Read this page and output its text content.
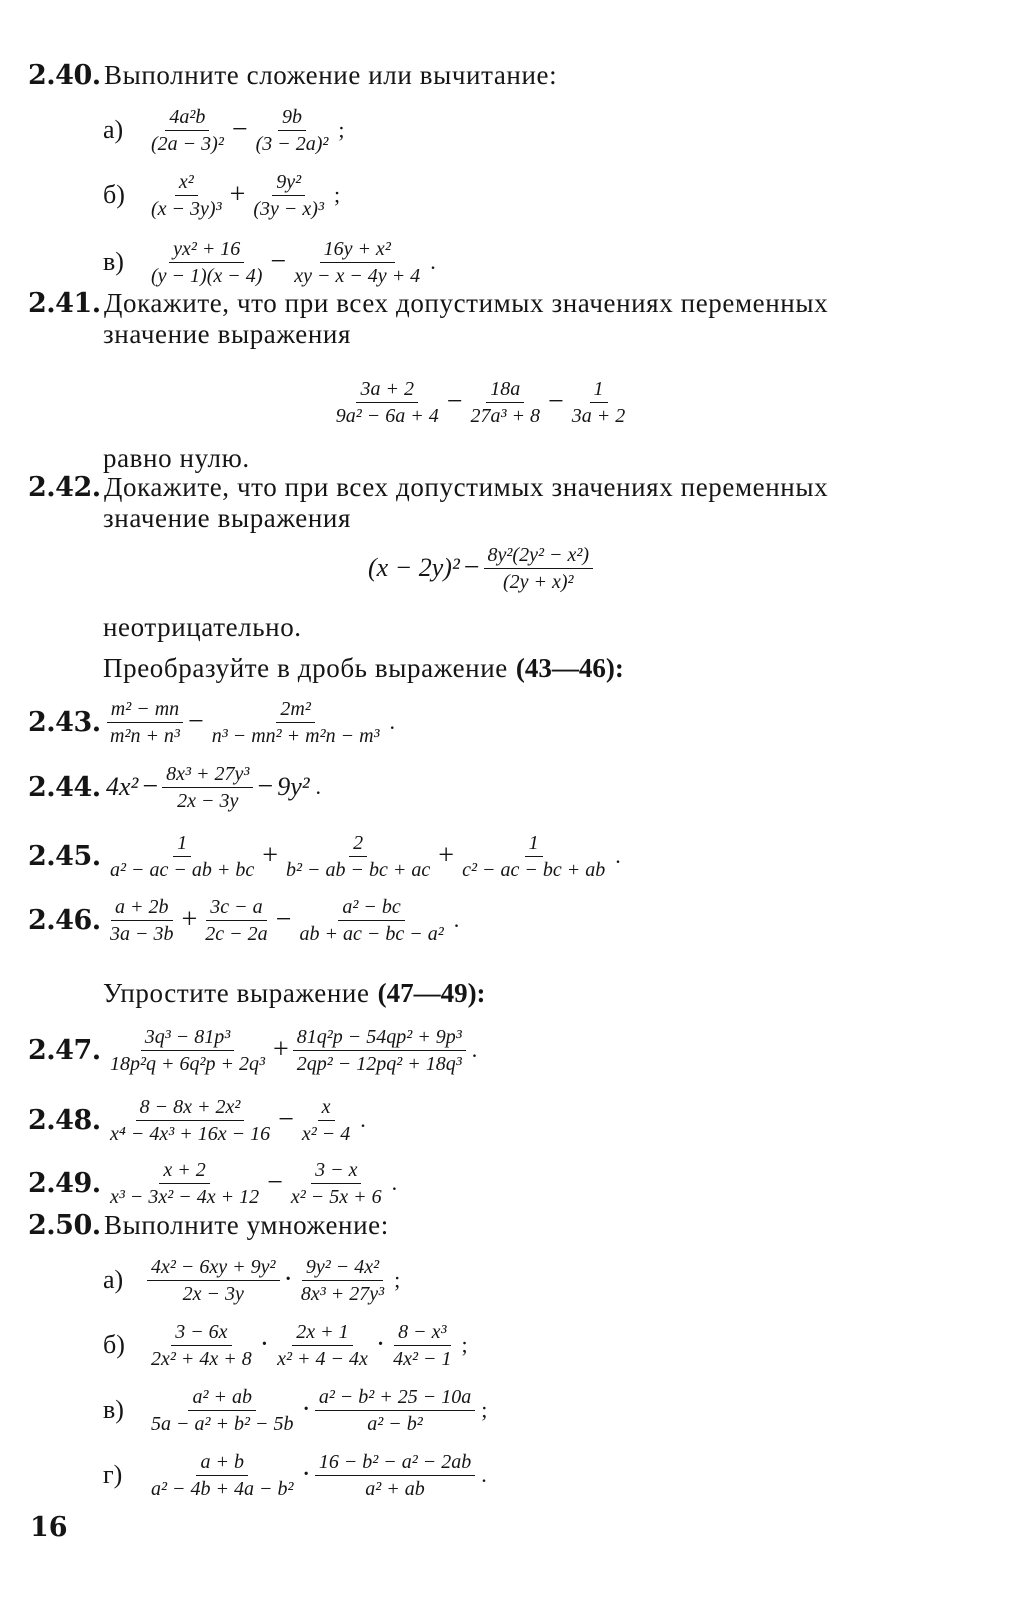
2.40. Выполните сложение или вычитание:
а)	$\frac{\text{4a²b}}{\text{(2a − 3)²}} - \frac{9b}{\text{(3 − 2a)²}}$ ;
б)	$\frac{\text{x²}}{\text{(x − 3y)³}} + \frac{\text{9y²}}{\text{(3y − x)³}}$ ;
в)	$\frac{\text{yx² + 16}}{(y - 1)(x - 4)} - \frac{\text{16y + x²}}{xy - x - 4y + 4}$ .
2.41. Докажите, что при всех допустимых значениях переменных
значение выражения
$\frac{3a + 2}{\text{9a² − 6a + 4}} - \frac{18a}{\text{27a³ + 8}} - \frac{1}{3a + 2}$
равно нулю.
2.42. Докажите, что при всех допустимых значениях переменных
значение выражения
$(x - 2y)^2 - \frac{\text{8y²(2y² − x²)}}{\text{(2y + x)²}}$
неотрицательно.
Преобразуйте в дробь выражение (43—46):
2.43. $\frac{\text{m² − mn}}{\text{m²n + n³}} - \frac{\text{2m²}}{\text{n³ − mn² + m²n − m³}}$ .
2.44. $4x^2 - \frac{\text{8x³ + 27y³}}{2x - 3y} - 9y^2$ .
2.45. $\frac{1}{\text{a² − ac − ab + bc}} + \frac{2}{\text{b² − ab − bc + ac}} + \frac{1}{\text{c² − ac − bc + ab}}$ .
2.46. $\frac{a + 2b}{3a - 3b} + \frac{3c - a}{2c - 2a} - \frac{\text{a² − bc}}{\text{ab + ac − bc − a²}}$ .
Упростите выражение (47—49):
2.47. $\frac{\text{3q³ − 81p³}}{\text{18p²q + 6q²p + 2q³}} + \frac{\text{81q²p − 54qp² + 9p³}}{\text{2qp² − 12pq² + 18q³}}$ .
2.48. $\frac{\text{8 − 8x + 2x²}}{\text{x⁴ − 4x³ + 16x − 16}} - \frac{x}{\text{x² − 4}}$ .
2.49. $\frac{x + 2}{\text{x³ − 3x² − 4x + 12}} - \frac{3 - x}{\text{x² − 5x + 6}}$ .
2.50. Выполните умножение:
а)	$\frac{\text{4x² − 6xy + 9y²}}{2x - 3y} \cdot \frac{\text{9y² − 4x²}}{\text{8x³ + 27y³}}$ ;
б)	$\frac{3 - 6x}{\text{2x² + 4x + 8}} \cdot \frac{2x + 1}{\text{x² + 4 − 4x}} \cdot \frac{\text{8 − x³}}{\text{4x² − 1}}$ ;
в)	$\frac{\text{a² + ab}}{\text{5a − a² + b² − 5b}} \cdot \frac{\text{a² − b² + 25 − 10a}}{\text{a² − b²}}$ ;
г)	$\frac{a + b}{\text{a² − 4b + 4a − b²}} \cdot \frac{\text{16 − b² − a² − 2ab}}{\text{a² + ab}}$ .
16
